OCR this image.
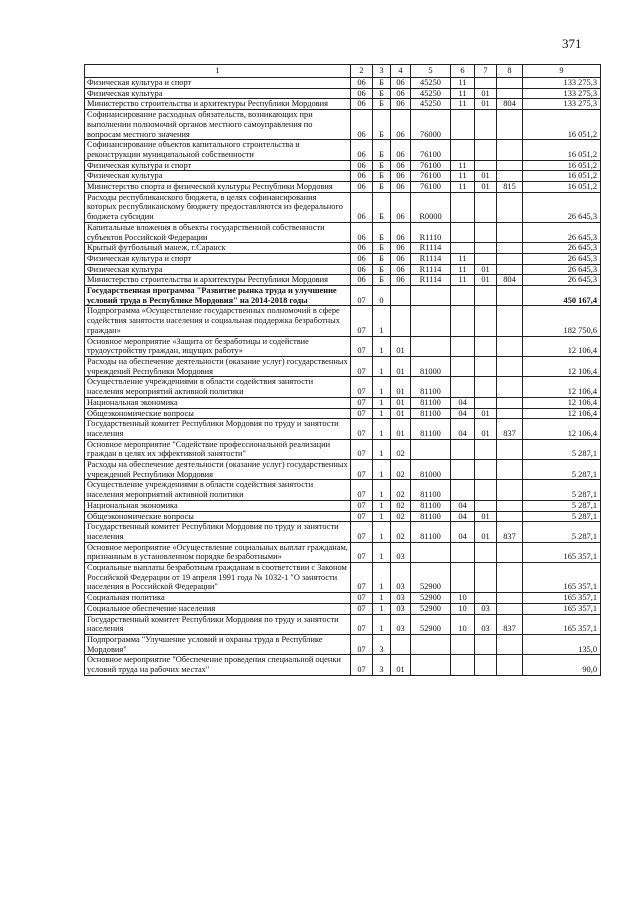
371
1	2	3	4	5	6	7	8	9
Физическая культура и спорт	06	Б	06	45250	11			133 275,3
Физическая культура	06	Б	06	45250	11	01		133 275,3
Министерство строительства и архитектуры Республики Мордовия	06	Б	06	45250	11	01	804	133 275,3
Софинансирование расходных обязательств, возникающих при выполнении полномочий органов местного самоуправления по вопросам местного значения	06	Б	06	76000				16 051,2
Софинансирование объектов капитального строительства и реконструкции муниципальной собственности	06	Б	06	76100				16 051,2
Физическая культура и спорт	06	Б	06	76100	11			16 051,2
Физическая культура	06	Б	06	76100	11	01		16 051,2
Министерство спорта и физической культуры Республики Мордовия	06	Б	06	76100	11	01	815	16 051,2
Расходы республиканского бюджета, в целях софинансирования которых республиканскому бюджету предоставляются из федерального бюджета субсидии	06	Б	06	R0000				26 645,3
Капитальные вложения в объекты государственной собственности субъектов Российской Федерации	06	Б	06	R1110				26 645,3
Крытый футбольный манеж, г.Саранск	06	Б	06	R1114				26 645,3
Физическая культура и спорт	06	Б	06	R1114	11			26 645,3
Физическая культура	06	Б	06	R1114	11	01		26 645,3
Министерство строительства и архитектуры Республики Мордовия	06	Б	06	R1114	11	01	804	26 645,3
Государственная программа "Развитие рынка труда и улучшение условий труда в Республике Мордовия" на 2014-2018 годы	07	0						450 167,4
Подпрограмма «Осуществление государственных полномочий в сфере содействия занятости населения и социальная поддержка безработных граждан»	07	1						182 750,6
Основное мероприятие «Защита от безработицы и содействие трудоустройству граждан, ищущих работу»	07	1	01					12 106,4
Расходы на обеспечение деятельности (оказание услуг) государственных учреждений Республики Мордовия	07	1	01	81000				12 106,4
Осуществление учреждениями в области содействия занятости населения мероприятий активной политики	07	1	01	81100				12 106,4
Национальная экономика	07	1	01	81100	04			12 106,4
Общеэкономические вопросы	07	1	01	81100	04	01		12 106,4
Государственный комитет Республики Мордовия по труду и занятости населения	07	1	01	81100	04	01	837	12 106,4
Основное мероприятие "Содействие профессиональной реализации граждан в целях их эффективной занятости"	07	1	02					5 287,1
Расходы на обеспечение деятельности (оказание услуг) государственных учреждений Республики Мордовия	07	1	02	81000				5 287,1
Осуществление учреждениями в области содействия занятости населения мероприятий активной политики	07	1	02	81100				5 287,1
Национальная экономика	07	1	02	81100	04			5 287,1
Общеэкономические вопросы	07	1	02	81100	04	01		5 287,1
Государственный комитет Республики Мордовия по труду и занятости населения	07	1	02	81100	04	01	837	5 287,1
Основное мероприятие «Осуществление социальных выплат гражданам, признанным в установленном порядке безработными»	07	1	03					165 357,1
Социальные выплаты безработным гражданам в соответствии с Законом Российской Федерации от 19 апреля 1991 года № 1032-1 "О занятости населения в Российской Федерации"	07	1	03	52900				165 357,1
Социальная политика	07	1	03	52900	10			165 357,1
Социальное обеспечение населения	07	1	03	52900	10	03		165 357,1
Государственный комитет Республики Мордовия по труду и занятости населения	07	1	03	52900	10	03	837	165 357,1
Подпрограмма "Улучшение условий и охраны труда в Республике Мордовия"	07	3						135,0
Основное мероприятие "Обеспечение проведения специальной оценки условий труда на рабочих местах"	07	3	01					90,0
